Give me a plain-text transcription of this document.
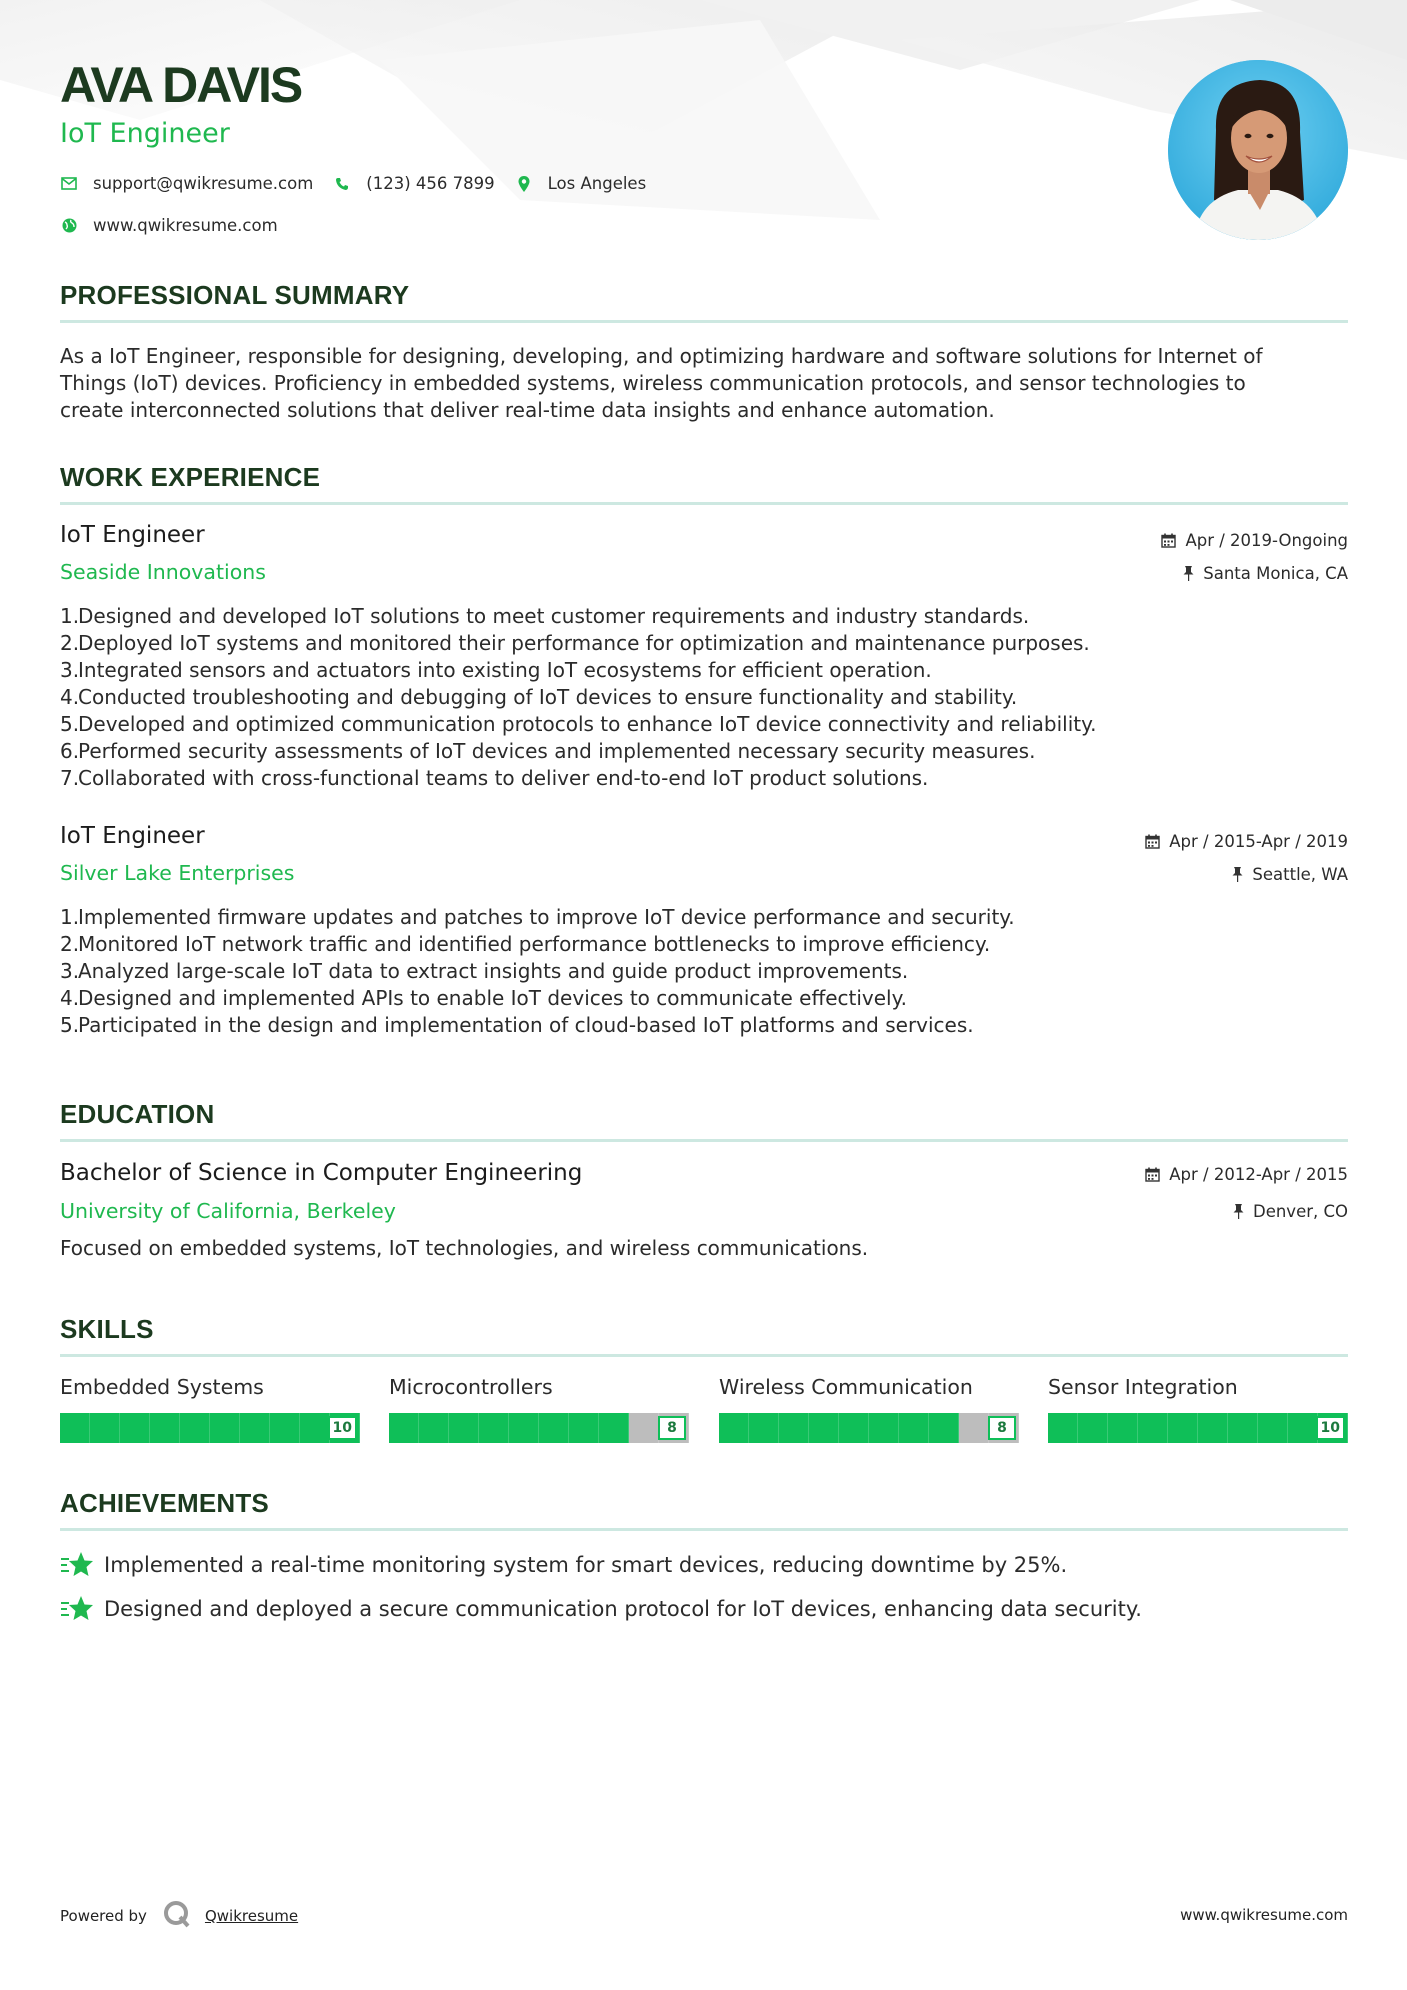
AVA DAVIS
IoT Engineer
support@qwikresume.com	(123) 456 7899	Los Angeles
www.qwikresume.com
PROFESSIONAL SUMMARY
As a IoT Engineer, responsible for designing, developing, and optimizing hardware and software solutions for Internet of
Things (IoT) devices. Proficiency in embedded systems, wireless communication protocols, and sensor technologies to
create interconnected solutions that deliver real-time data insights and enhance automation.
WORK EXPERIENCE
IoT Engineer
Seaside Innovations
Apr / 2019-Ongoing
Santa Monica, CA
1.
Designed and developed IoT solutions to meet customer requirements and industry standards.
2.
Deployed IoT systems and monitored their performance for optimization and maintenance purposes.
3.
Integrated sensors and actuators into existing IoT ecosystems for efficient operation.
4.
Conducted troubleshooting and debugging of IoT devices to ensure functionality and stability.
5.
Developed and optimized communication protocols to enhance IoT device connectivity and reliability.
6.
Performed security assessments of IoT devices and implemented necessary security measures.
7.
Collaborated with cross-functional teams to deliver end-to-end IoT product solutions.
IoT Engineer
Silver Lake Enterprises
Apr / 2015-Apr / 2019
Seattle, WA
1.
Implemented firmware updates and patches to improve IoT device performance and security.
2.
Monitored IoT network traffic and identified performance bottlenecks to improve efficiency.
3.
Analyzed large-scale IoT data to extract insights and guide product improvements.
4.
Designed and implemented APIs to enable IoT devices to communicate effectively.
5.
Participated in the design and implementation of cloud-based IoT platforms and services.
EDUCATION
Bachelor of Science in Computer Engineering
University of California, Berkeley
Apr / 2012-Apr / 2015
Denver, CO
Focused on embedded systems, IoT technologies, and wireless communications.
SKILLS
Embedded Systems
10
Microcontrollers
8
Wireless Communication
8
Sensor Integration
10
ACHIEVEMENTS
Implemented a real-time monitoring system for smart devices, reducing downtime by 25%.
Designed and deployed a secure communication protocol for IoT devices, enhancing data security.
Powered by	Qwikresume	www.qwikresume.com
